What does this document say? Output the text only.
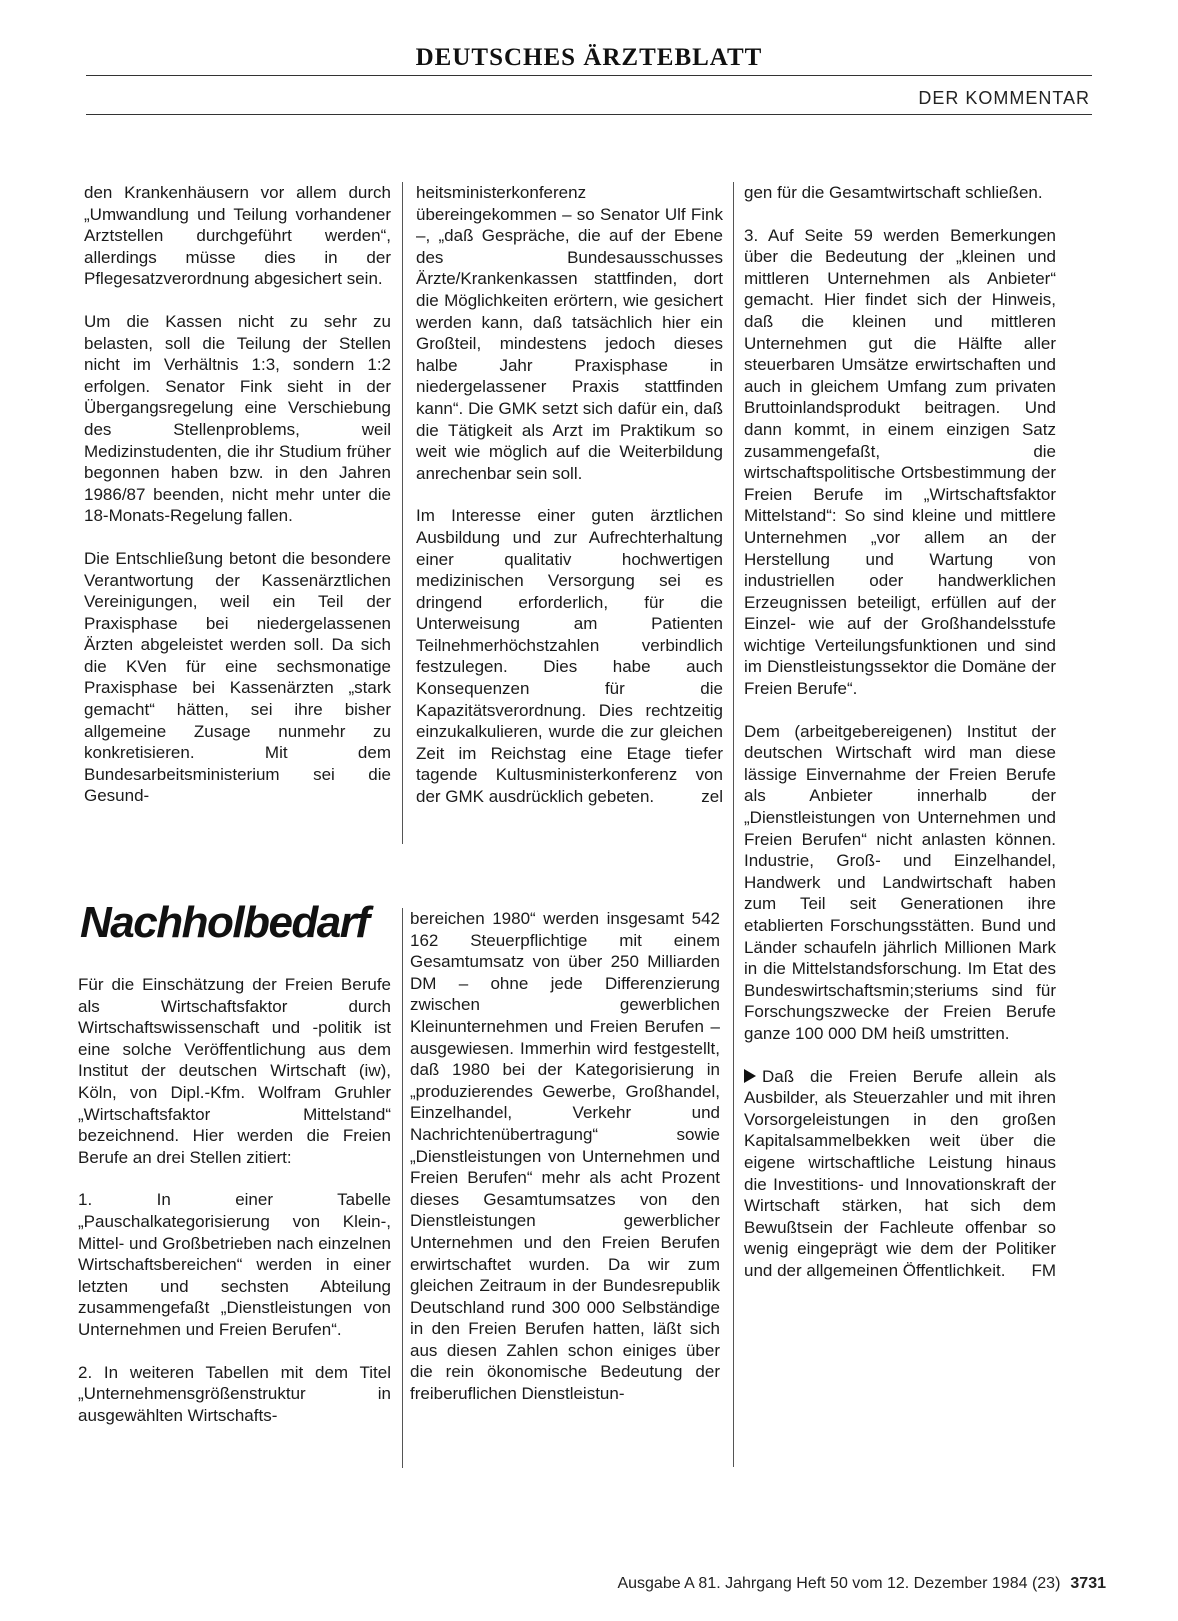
DEUTSCHES ÄRZTEBLATT
DER KOMMENTAR

den Krankenhäusern vor allem durch „Umwandlung und Teilung vorhandener Arztstellen durchgeführt werden“, allerdings müsse dies in der Pflegesatzverordnung abgesichert sein.

Um die Kassen nicht zu sehr zu belasten, soll die Teilung der Stellen nicht im Verhältnis 1:3, sondern 1:2 erfolgen. Senator Fink sieht in der Übergangsregelung eine Verschiebung des Stellenproblems, weil Medizinstudenten, die ihr Studium früher begonnen haben bzw. in den Jahren 1986/87 beenden, nicht mehr unter die 18-Monats-Regelung fallen.

Die Entschließung betont die besondere Verantwortung der Kassenärztlichen Vereinigungen, weil ein Teil der Praxisphase bei niedergelassenen Ärzten abgeleistet werden soll. Da sich die KVen für eine sechsmonatige Praxisphase bei Kassenärzten „stark gemacht“ hätten, sei ihre bisher allgemeine Zusage nunmehr zu konkretisieren. Mit dem Bundesarbeitsministerium sei die Gesund-

heitsministerkonferenz übereingekommen – so Senator Ulf Fink –, „daß Gespräche, die auf der Ebene des Bundesausschusses Ärzte/Krankenkassen stattfinden, dort die Möglichkeiten erörtern, wie gesichert werden kann, daß tatsächlich hier ein Großteil, mindestens jedoch dieses halbe Jahr Praxisphase in niedergelassener Praxis stattfinden kann“. Die GMK setzt sich dafür ein, daß die Tätigkeit als Arzt im Praktikum so weit wie möglich auf die Weiterbildung anrechenbar sein soll.

Im Interesse einer guten ärztlichen Ausbildung und zur Aufrechterhaltung einer qualitativ hochwertigen medizinischen Versorgung sei es dringend erforderlich, für die Unterweisung am Patienten Teilnehmerhöchstzahlen verbindlich festzulegen. Dies habe auch Konsequenzen für die Kapazitätsverordnung. Dies rechtzeitig einzukalkulieren, wurde die zur gleichen Zeit im Reichstag eine Etage tiefer tagende Kultusministerkonferenz von der GMK ausdrücklich gebeten.	zel

Nachholbedarf

Für die Einschätzung der Freien Berufe als Wirtschaftsfaktor durch Wirtschaftswissenschaft und -politik ist eine solche Veröffentlichung aus dem Institut der deutschen Wirtschaft (iw), Köln, von Dipl.-Kfm. Wolfram Gruhler „Wirtschaftsfaktor Mittelstand“ bezeichnend. Hier werden die Freien Berufe an drei Stellen zitiert:

1. In einer Tabelle „Pauschalkategorisierung von Klein-, Mittel- und Großbetrieben nach einzelnen Wirtschaftsbereichen“ werden in einer letzten und sechsten Abteilung zusammengefaßt „Dienstleistungen von Unternehmen und Freien Berufen“.

2. In weiteren Tabellen mit dem Titel „Unternehmensgrößenstruktur in ausgewählten Wirtschafts-

bereichen 1980“ werden insgesamt 542 162 Steuerpflichtige mit einem Gesamtumsatz von über 250 Milliarden DM – ohne jede Differenzierung zwischen gewerblichen Kleinunternehmen und Freien Berufen – ausgewiesen. Immerhin wird festgestellt, daß 1980 bei der Kategorisierung in „produzierendes Gewerbe, Großhandel, Einzelhandel, Verkehr und Nachrichtenübertragung“ sowie „Dienstleistungen von Unternehmen und Freien Berufen“ mehr als acht Prozent dieses Gesamtumsatzes von den Dienstleistungen gewerblicher Unternehmen und den Freien Berufen erwirtschaftet wurden. Da wir zum gleichen Zeitraum in der Bundesrepublik Deutschland rund 300 000 Selbständige in den Freien Berufen hatten, läßt sich aus diesen Zahlen schon einiges über die rein ökonomische Bedeutung der freiberuflichen Dienstleistun-

gen für die Gesamtwirtschaft schließen.

3. Auf Seite 59 werden Bemerkungen über die Bedeutung der „kleinen und mittleren Unternehmen als Anbieter“ gemacht. Hier findet sich der Hinweis, daß die kleinen und mittleren Unternehmen gut die Hälfte aller steuerbaren Umsätze erwirtschaften und auch in gleichem Umfang zum privaten Bruttoinlandsprodukt beitragen. Und dann kommt, in einem einzigen Satz zusammengefaßt, die wirtschaftspolitische Ortsbestimmung der Freien Berufe im „Wirtschaftsfaktor Mittelstand“: So sind kleine und mittlere Unternehmen „vor allem an der Herstellung und Wartung von industriellen oder handwerklichen Erzeugnissen beteiligt, erfüllen auf der Einzel- wie auf der Großhandelsstufe wichtige Verteilungsfunktionen und sind im Dienstleistungssektor die Domäne der Freien Berufe“.

Dem (arbeitgebereigenen) Institut der deutschen Wirtschaft wird man diese lässige Einvernahme der Freien Berufe als Anbieter innerhalb der „Dienstleistungen von Unternehmen und Freien Berufen“ nicht anlasten können. Industrie, Groß- und Einzelhandel, Handwerk und Landwirtschaft haben zum Teil seit Generationen ihre etablierten Forschungsstätten. Bund und Länder schaufeln jährlich Millionen Mark in die Mittelstandsforschung. Im Etat des Bundeswirtschaftsmin;steriums sind für Forschungszwecke der Freien Berufe ganze 100 000 DM heiß umstritten.

Daß die Freien Berufe allein als Ausbilder, als Steuerzahler und mit ihren Vorsorgeleistungen in den großen Kapitalsammelbekken weit über die eigene wirtschaftliche Leistung hinaus die Investitions- und Innovationskraft der Wirtschaft stärken, hat sich dem Bewußtsein der Fachleute offenbar so wenig eingeprägt wie dem der Politiker und der allgemeinen Öffentlichkeit. FM

Ausgabe A 81. Jahrgang Heft 50 vom 12. Dezember 1984 (23) 3731
